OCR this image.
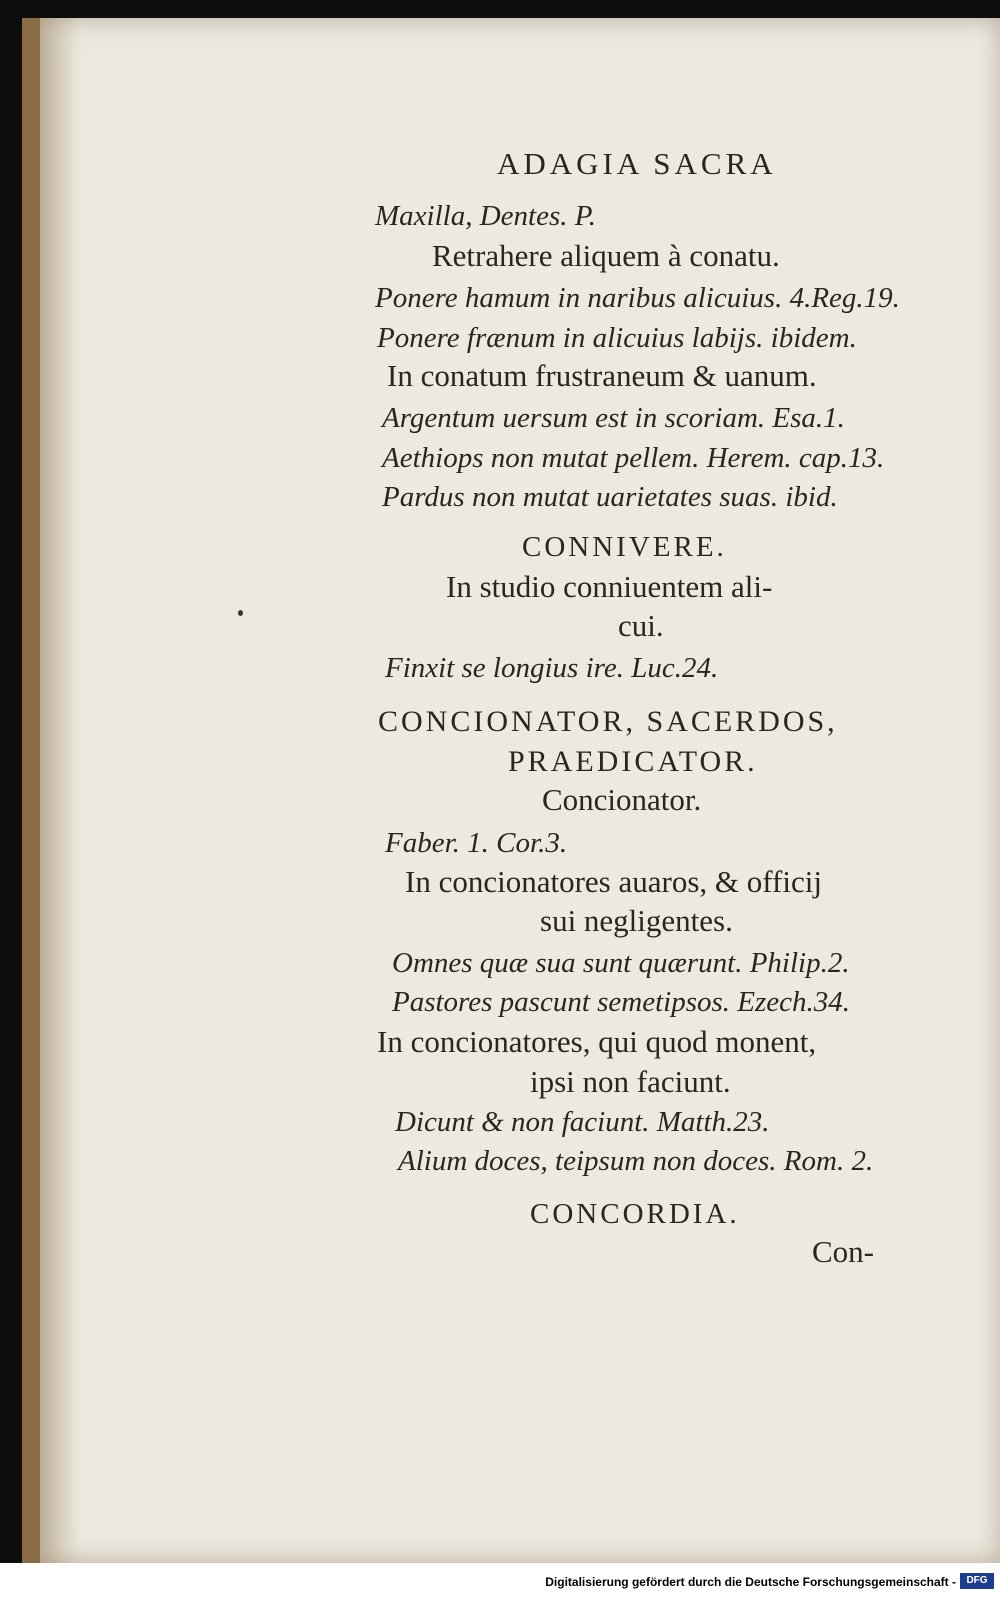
ADAGIA SACRA

Maxilla, Dentes. P.

Retrahere aliquem à conatu.

Ponere hamum in naribus alicuius. 4.Reg.19.

Ponere frænum in alicuius labijs. ibidem.

In conatum frustraneum & uanum.

Argentum uersum est in scoriam. Esa.1.

Aethiops non mutat pellem. Herem. cap.13.

Pardus non mutat uarietates suas. ibid.

CONNIVERE.

In studio conniuentem ali-

cui.

Finxit se longius ire. Luc.24.

CONCIONATOR, SACERDOS,

PRAEDICATOR.

Concionator.

Faber. 1. Cor.3.

In concionatores auaros, & officij

sui negligentes.

Omnes quæ sua sunt quærunt. Philip.2.

Pastores pascunt semetipsos. Ezech.34.

In concionatores, qui quod monent,

ipsi non faciunt.

Dicunt & non faciunt. Matth.23.

Alium doces, teipsum non doces. Rom. 2.

CONCORDIA.

Con-

Digitalisierung gefördert durch die Deutsche Forschungsgemeinschaft -	DFG
